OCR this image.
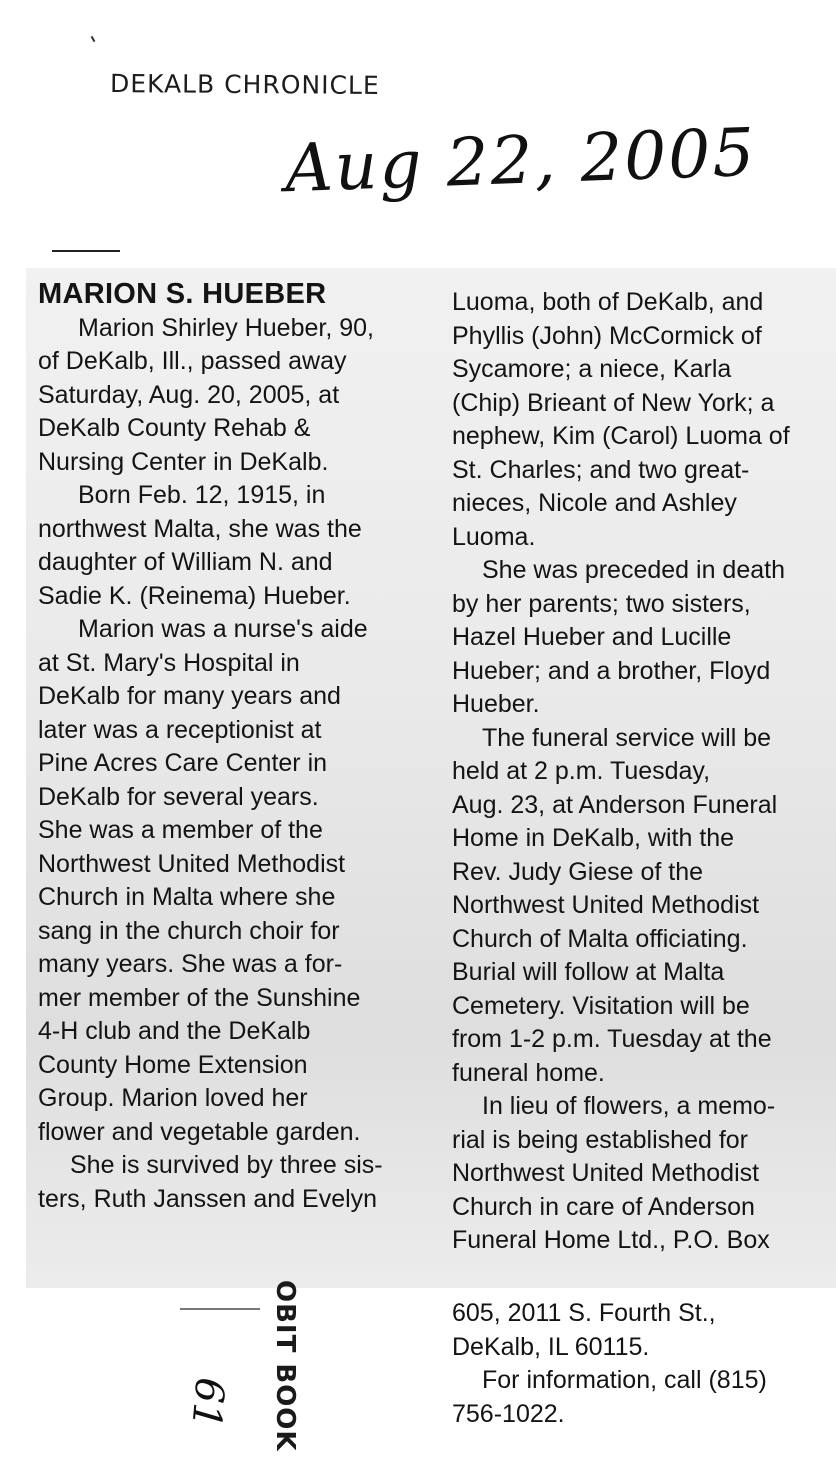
DEKALB CHRONICLE
Aug 22, 2005

MARION S. HUEBER

Marion Shirley Hueber, 90,

of DeKalb, Ill., passed away

Saturday, Aug. 20, 2005, at

DeKalb County Rehab &

Nursing Center in DeKalb.

Born Feb. 12, 1915, in

northwest Malta, she was the

daughter of William N. and

Sadie K. (Reinema) Hueber.

Marion was a nurse's aide

at St. Mary's Hospital in

DeKalb for many years and

later was a receptionist at

Pine Acres Care Center in

DeKalb for several years.

She was a member of the

Northwest United Methodist

Church in Malta where she

sang in the church choir for

many years. She was a for-

mer member of the Sunshine

4-H club and the DeKalb

County Home Extension

Group. Marion loved her

flower and vegetable garden.

She is survived by three sis-

ters, Ruth Janssen and Evelyn

Luoma, both of DeKalb, and

Phyllis (John) McCormick of

Sycamore; a niece, Karla

(Chip) Brieant of New York; a

nephew, Kim (Carol) Luoma of

St. Charles; and two great-

nieces, Nicole and Ashley

Luoma.

She was preceded in death

by her parents; two sisters,

Hazel Hueber and Lucille

Hueber; and a brother, Floyd

Hueber.

The funeral service will be

held at 2 p.m. Tuesday,

Aug. 23, at Anderson Funeral

Home in DeKalb, with the

Rev. Judy Giese of the

Northwest United Methodist

Church of Malta officiating.

Burial will follow at Malta

Cemetery. Visitation will be

from 1-2 p.m. Tuesday at the

funeral home.

In lieu of flowers, a memo-

rial is being established for

Northwest United Methodist

Church in care of Anderson

Funeral Home Ltd., P.O. Box

605, 2011 S. Fourth St.,

DeKalb, IL 60115.

For information, call (815)

756-1022.

OBIT BOOK
61
